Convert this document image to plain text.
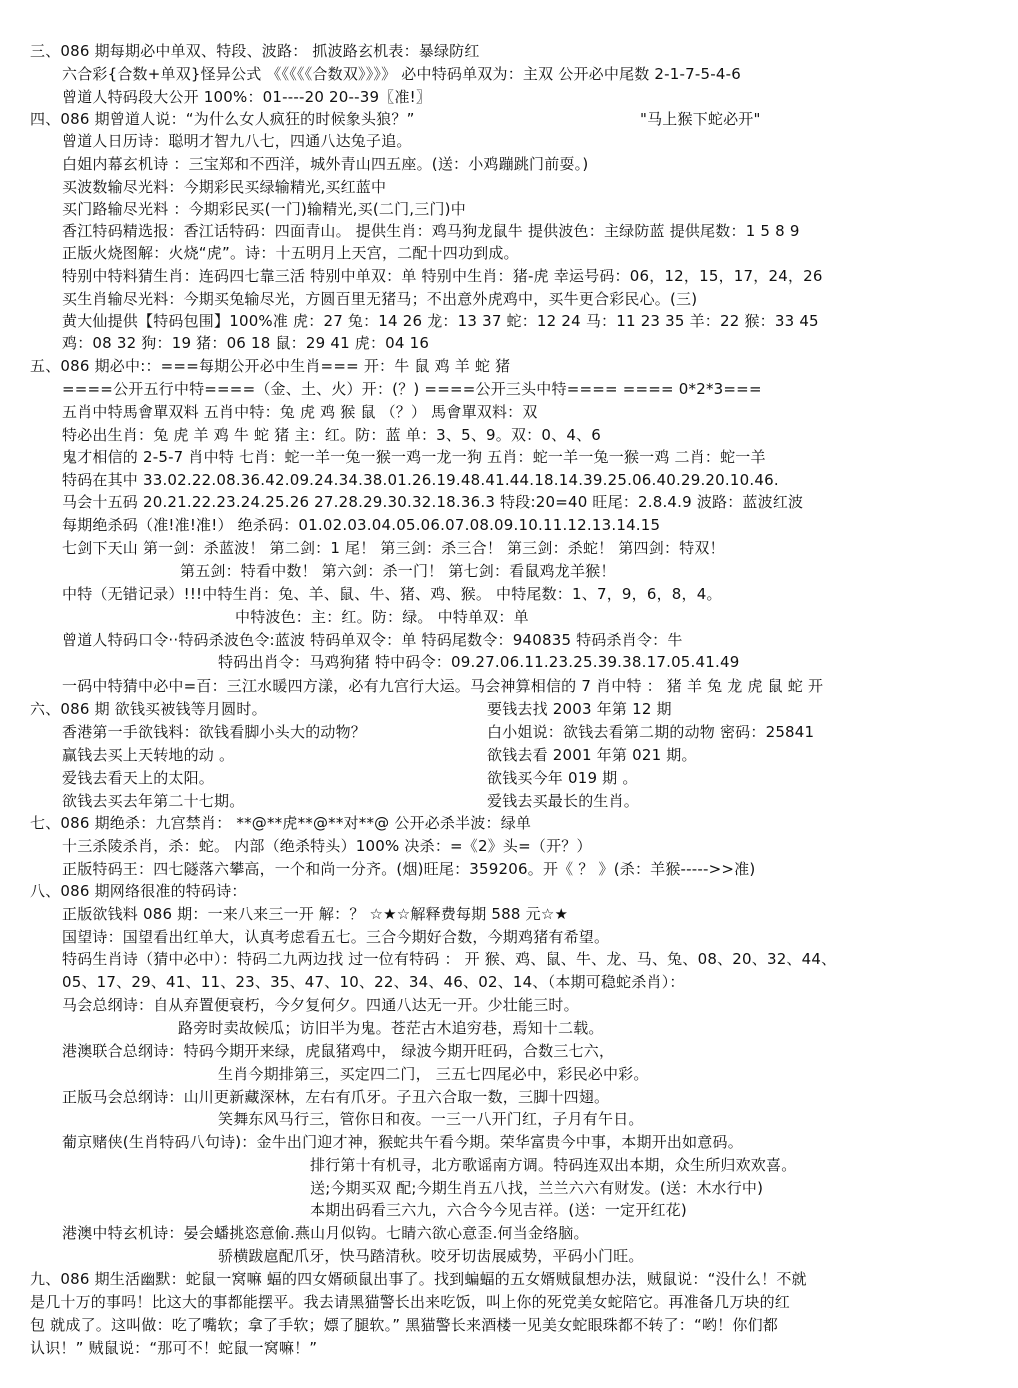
三、086 期每期必中单双、特段、波路： 抓波路玄机表：暴绿防红
六合彩{合数+单双}怪异公式 《《《《《合数双》》》》 必中特码单双为：主双 公开必中尾数 2-1-7-5-4-6
曾道人特码段大公开 100%：01----20 20--39〖准!〗
四、086 期曾道人说：“为什么女人疯狂的时候象头狼？”	"马上猴下蛇必开"
曾道人日历诗：聪明才智九八七，四通八达兔子追。
白姐内幕玄机诗 ：三宝郑和不西洋，城外青山四五座。(送：小鸡蹦跳门前耍。)
买波数输尽光料：今期彩民买绿输精光,买红蓝中
买门路输尽光料 ：今期彩民买(一门)输精光,买(二门,三门)中
香江特码精选报：香江话特码：四面青山。 提供生肖：鸡马狗龙鼠牛 提供波色：主绿防蓝 提供尾数：1 5 8 9
正版火烧图解：火烧“虎”。诗：十五明月上天宫，二配十四功到成。
特别中特料猜生肖：连码四七靠三活 特别中单双：单 特别中生肖：猪-虎 幸运号码：06，12，15，17，24，26
买生肖输尽光料：今期买兔输尽光，方圆百里无猪马；不出意外虎鸡中，买牛更合彩民心。(三)
黄大仙提供【特码包围】100%准 虎：27 兔：14 26 龙：13 37 蛇：12 24 马：11 23 35 羊：22 猴：33 45
鸡：08 32 狗：19 猪：06 18 鼠：29 41 虎：04 16
五、086 期必中:：===每期公开必中生肖=== 开：牛 鼠 鸡 羊 蛇 猪
====公开五行中特====（金、土、火）开：(？) ====公开三头中特==== ==== 0*2*3===
五肖中特馬會單双料 五肖中特：兔 虎 鸡 猴 鼠 （？） 馬會單双料：双
特必出生肖：兔 虎 羊 鸡 牛 蛇 猪 主：红。防：蓝 单：3、5、9。双：0、4、6
鬼才相信的 2-5-7 肖中特 七肖：蛇一羊一兔一猴一鸡一龙一狗 五肖：蛇一羊一兔一猴一鸡 二肖：蛇一羊
特码在其中 33.02.22.08.36.42.09.24.34.38.01.26.19.48.41.44.18.14.39.25.06.40.29.20.10.46.
马会十五码 20.21.22.23.24.25.26 27.28.29.30.32.18.36.3 特段:20=40 旺尾：2.8.4.9 波路：蓝波红波
每期绝杀码（准!准!准!） 绝杀码：01.02.03.04.05.06.07.08.09.10.11.12.13.14.15
七剑下天山 第一剑：杀蓝波！ 第二剑：1 尾！ 第三剑：杀三合！ 第三剑：杀蛇！ 第四剑：特双！
第五剑：特看中数！ 第六剑：杀一门！ 第七剑：看鼠鸡龙羊猴！
中特（无错记录）!!!中特生肖：兔、羊、鼠、牛、猪、鸡、猴。 中特尾数：1、7，9，6，8，4。
中特波色：主：红。防：绿。 中特单双：单
曾道人特码口令··特码杀波色令:蓝波 特码单双令：单 特码尾数令：940835 特码杀肖令：牛
特码出肖令：马鸡狗猪 特中码令：09.27.06.11.23.25.39.38.17.05.41.49
一码中特猜中必中=百：三江水暖四方漾，必有九宫行大运。马会神算相信的 7 肖中特 ： 猪 羊 兔 龙 虎 鼠 蛇 开
六、086 期 欲钱买被钱等月圆时。	要钱去找 2003 年第 12 期
香港第一手欲钱料：欲钱看脚小头大的动物？	白小姐说：欲钱去看第二期的动物 密码：25841
赢钱去买上天转地的动 。	欲钱去看 2001 年第 021 期。
爱钱去看天上的太阳。	欲钱买今年 019 期 。
欲钱去买去年第二十七期。	爱钱去买最长的生肖。
七、086 期绝杀：九宫禁肖： **@**虎**@**对**@ 公开必杀半波：绿单
十三杀陵杀肖，杀：蛇。 内部（绝杀特头）100% 决杀：=《2》头=（开？）
正版特码王：四七隧落六攀高，一个和尚一分齐。(烟)旺尾：359206。开《 ？ 》(杀：羊猴----->>准)
八、086 期网络很准的特码诗：
正版欲钱料 086 期：一来八来三一开 解：？ ☆★☆解释费每期 588 元☆★
国望诗：国望看出红单大，认真考虑看五七。三合今期好合数，今期鸡猪有希望。
特码生肖诗（猜中必中）：特码二九两边找 过一位有特码 ： 开 猴、鸡、鼠、牛、龙、马、兔、08、20、32、44、
05、17、29、41、11、23、35、47、10、22、34、46、02、14、（本期可稳蛇杀肖）：
马会总纲诗：自从弃置便衰朽，今夕复何夕。四通八达无一开。少壮能三时。
路旁时卖故候瓜；访旧半为鬼。苍茫古木追穷巷，焉知十二载。
港澳联合总纲诗：特码今期开来绿，虎鼠猪鸡中， 绿波今期开旺码，合数三七六，
生肖今期排第三，买定四二门， 三五七四尾必中，彩民必中彩。
正版马会总纲诗：山川更新藏深林，左右有爪牙。子丑六合取一数，三脚十四翅。
笑舞东风马行三，管你日和夜。一三一八开门红，子月有午日。
葡京赌侠(生肖特码八句诗)：金牛出门迎才神，猴蛇共午看今期。荣华富贵今中事，本期开出如意码。
排行第十有机寻，北方歌谣南方调。特码连双出本期，众生所归欢欢喜。
送;今期买双 配;今期生肖五八找，兰兰六六有财发。(送：木水行中)
本期出码看三六九，六合今今见吉祥。(送：一定开红花)
港澳中特玄机诗：晏会蟠挑恣意偷.燕山月似钩。七睛六欲心意歪.何当金络脑。
骄横跋扈配爪牙，快马踏清秋。咬牙切齿展威势，平码小门旺。
九、086 期生活幽默：蛇鼠一窝嘛 蝠的四女婿硕鼠出事了。找到蝙蝠的五女婿贼鼠想办法，贼鼠说：“没什么！不就
是几十万的事吗！比这大的事都能摆平。我去请黑猫警长出来吃饭，叫上你的死党美女蛇陪它。再准备几万块的红
包 就成了。这叫做：吃了嘴软；拿了手软；嫖了腿软。” 黑猫警长来酒楼一见美女蛇眼珠都不转了：“哟！你们都
认识！” 贼鼠说：“那可不！蛇鼠一窝嘛！”
